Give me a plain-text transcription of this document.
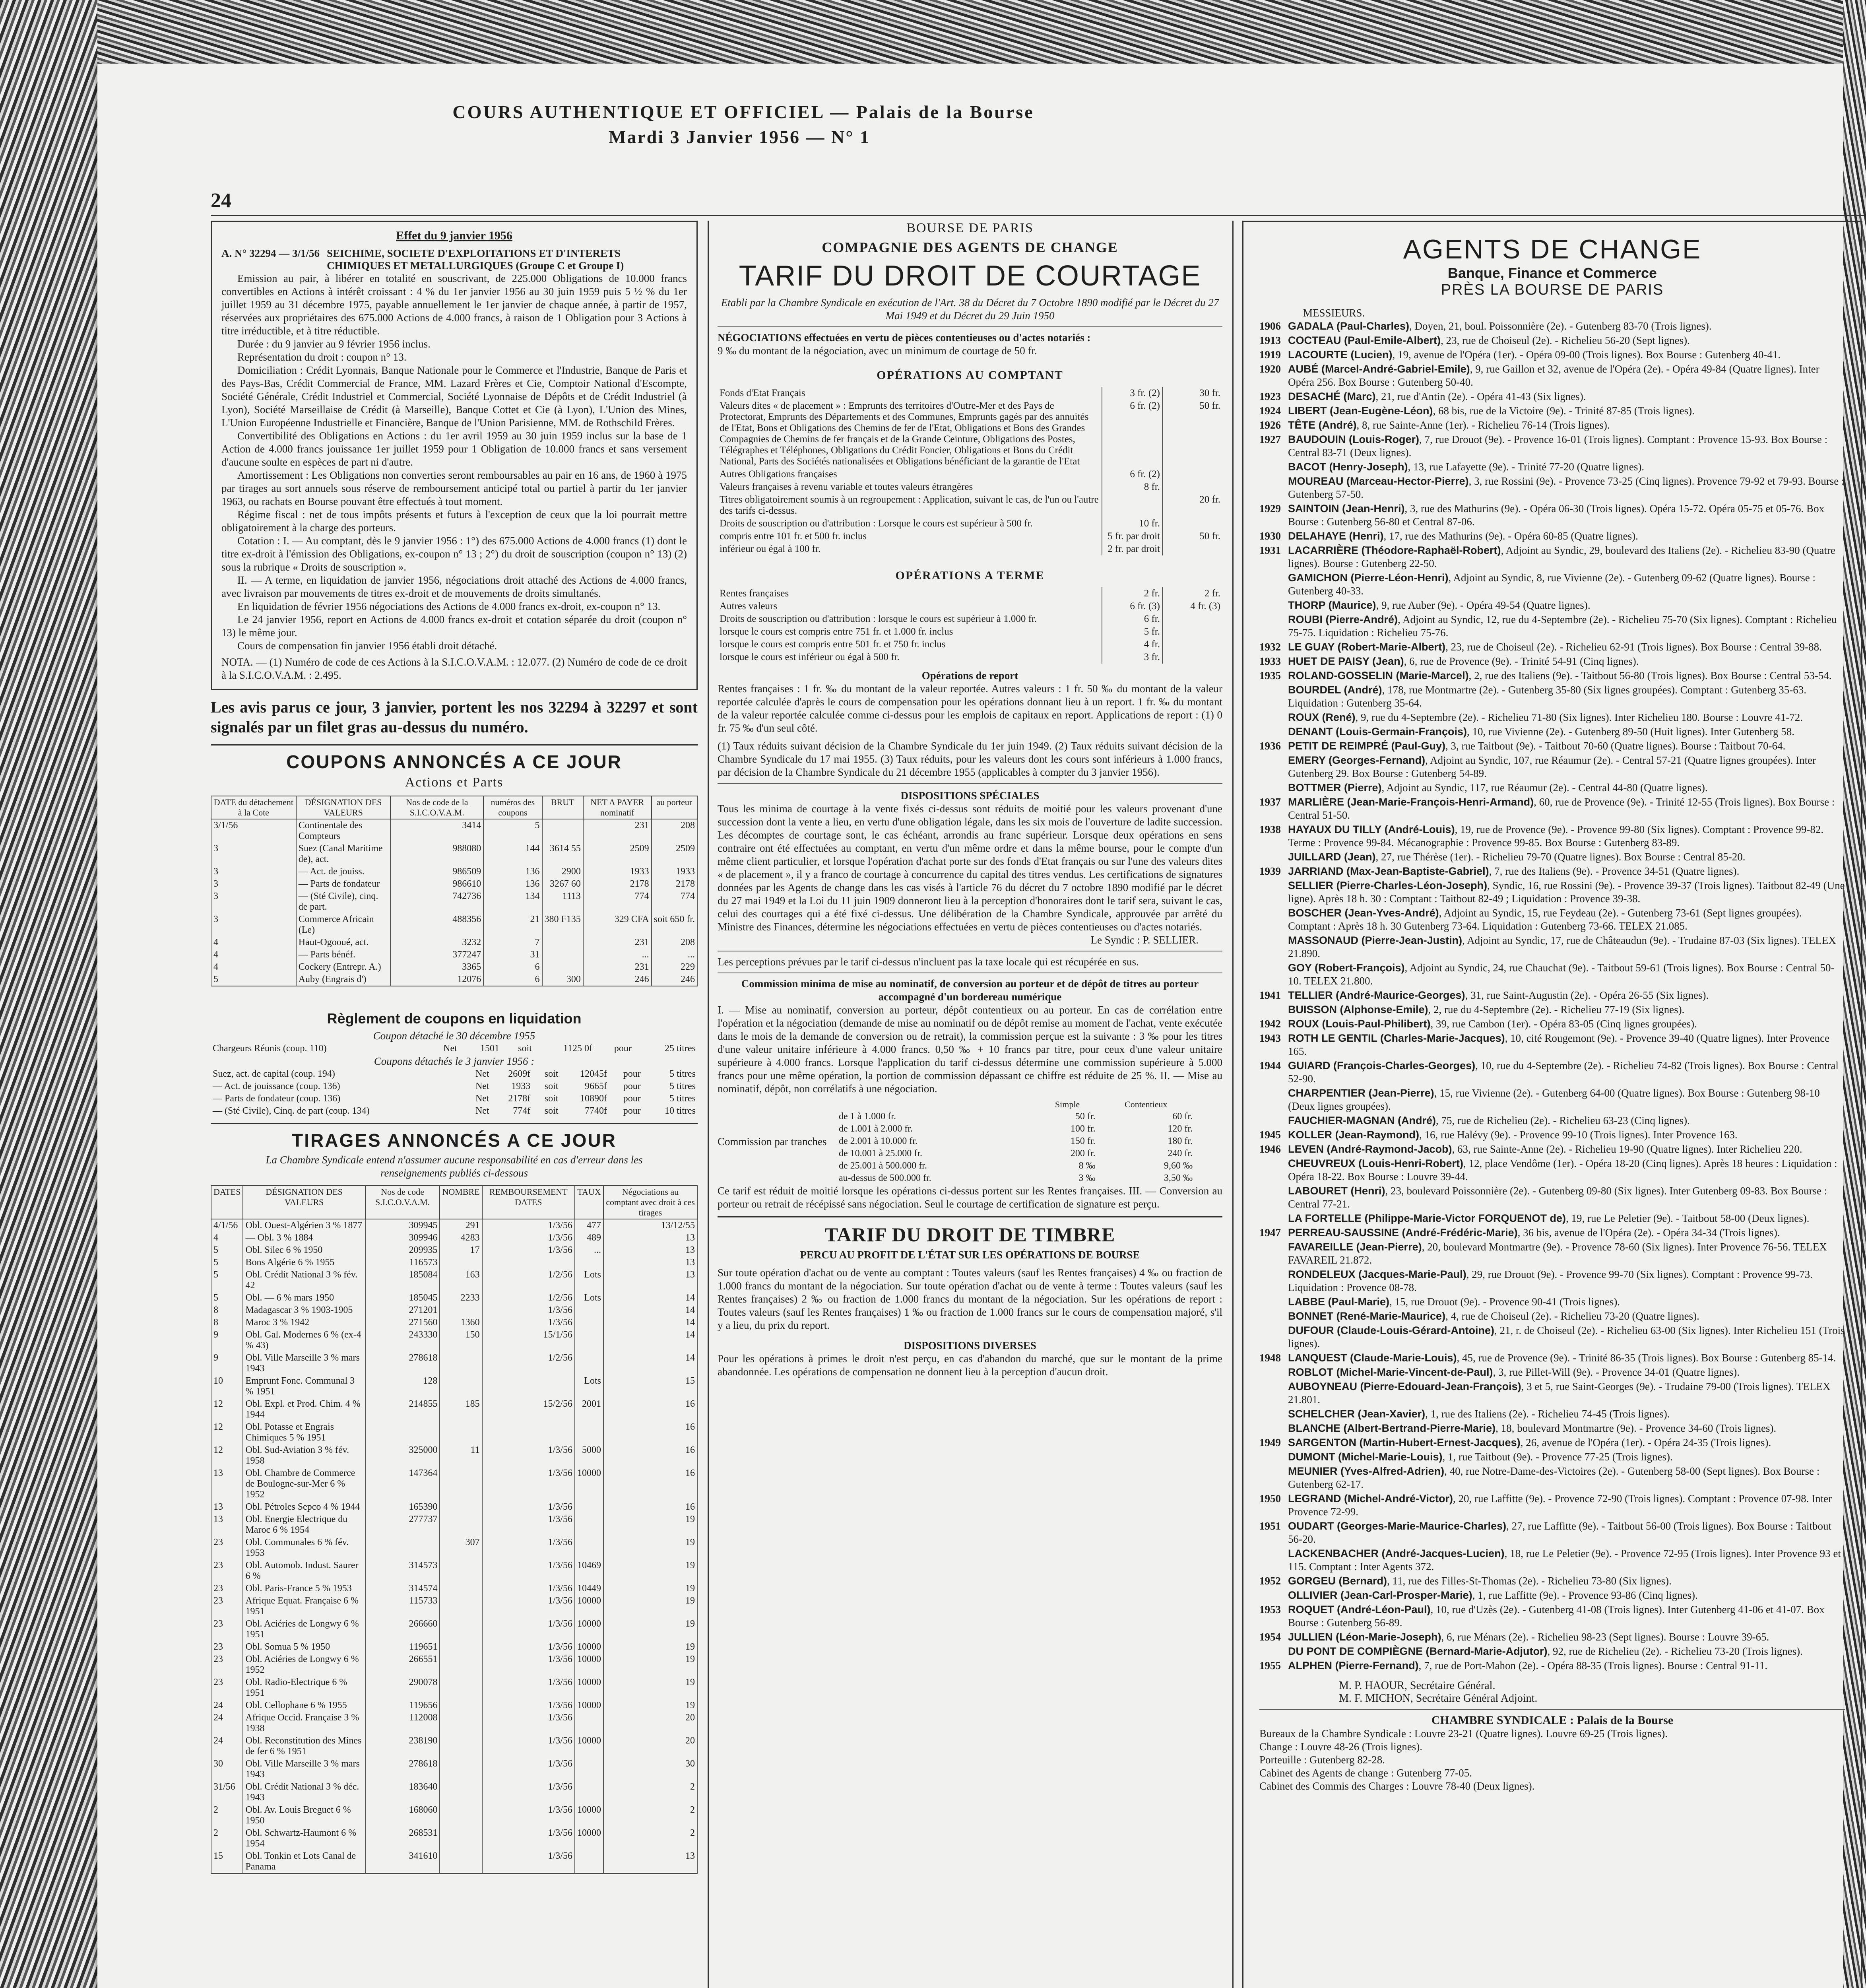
COURS AUTHENTIQUE ET OFFICIEL — Palais de la Bourse
Mardi 3 Janvier 1956 — N° 1
24
Effet du 9 janvier 1956
A. N° 32294 — 3/1/56 SEICHIME, SOCIETE D'EXPLOITATIONS ET D'INTERETS CHIMIQUES ET METALLURGIQUES (Groupe C et Groupe I)
Emission au pair, à libérer en totalité en souscrivant, de 225.000 Obligations de 10.000 francs convertibles en Actions à intérêt croissant : 4 % du 1er janvier 1956 au 30 juin 1959 puis 5 ½ % du 1er juillet 1959 au 31 décembre 1975, payable annuellement le 1er janvier de chaque année, à partir de 1957, réservées aux propriétaires des 675.000 Actions de 4.000 francs, à raison de 1 Obligation pour 3 Actions à titre irréductible, et à titre réductible.
Durée : du 9 janvier au 9 février 1956 inclus.
Représentation du droit : coupon n° 13.
Domiciliation : Crédit Lyonnais, Banque Nationale pour le Commerce et l'Industrie, Banque de Paris et des Pays-Bas, Crédit Commercial de France, MM. Lazard Frères et Cie, Comptoir National d'Escompte, Société Générale, Crédit Industriel et Commercial, Société Lyonnaise de Dépôts et de Crédit Industriel (à Lyon), Société Marseillaise de Crédit (à Marseille), Banque Cottet et Cie (à Lyon), L'Union des Mines, L'Union Européenne Industrielle et Financière, Banque de l'Union Parisienne, MM. de Rothschild Frères.
Convertibilité des Obligations en Actions : du 1er avril 1959 au 30 juin 1959 inclus sur la base de 1 Action de 4.000 francs jouissance 1er juillet 1959 pour 1 Obligation de 10.000 francs et sans versement d'aucune soulte en espèces de part ni d'autre.
Amortissement : Les Obligations non converties seront remboursables au pair en 16 ans, de 1960 à 1975 par tirages au sort annuels sous réserve de remboursement anticipé total ou partiel à partir du 1er janvier 1963, ou rachats en Bourse pouvant être effectués à tout moment.
Régime fiscal : net de tous impôts présents et futurs à l'exception de ceux que la loi pourrait mettre obligatoirement à la charge des porteurs.
Cotation : I. — Au comptant, dès le 9 janvier 1956 : 1°) des 675.000 Actions de 4.000 francs (1) dont le titre ex-droit à l'émission des Obligations, ex-coupon n° 13 ; 2°) du droit de souscription (coupon n° 13) (2) sous la rubrique « Droits de souscription ».
II. — A terme, en liquidation de janvier 1956, négociations droit attaché des Actions de 4.000 francs, avec livraison par mouvements de titres ex-droit et de mouvements de droits simultanés.
En liquidation de février 1956 négociations des Actions de 4.000 francs ex-droit, ex-coupon n° 13.
Le 24 janvier 1956, report en Actions de 4.000 francs ex-droit et cotation séparée du droit (coupon n° 13) le même jour.
Cours de compensation fin janvier 1956 établi droit détaché.
NOTA. — (1) Numéro de code de ces Actions à la S.I.C.O.V.A.M. : 12.077. (2) Numéro de code de ce droit à la S.I.C.O.V.A.M. : 2.495.
Les avis parus ce jour, 3 janvier, portent les nos 32294 à 32297 et sont signalés par un filet gras au-dessus du numéro.
COUPONS ANNONCÉS A CE JOUR
Actions et Parts
DATE du détachement à la Cote	DÉSIGNATION DES VALEURS	Nos de code de la S.I.C.O.V.A.M.	numéros des coupons	BRUT	NET A PAYER nominatif	au porteur
3/1/56	Continentale des Compteurs	3414	5		231	208
3	Suez (Canal Maritime de), act.	988080	144	3614 55	2509	2509
3	— Act. de jouiss.	986509	136	2900	1933	1933
3	— Parts de fondateur	986610	136	3267 60	2178	2178
3	— (Sté Civile), cinq. de part.	742736	134	1113	774	774
3	Commerce Africain (Le)	488356	21	380 F135	329 CFA	soit 650 fr.
4	Haut-Ogooué, act.	3232	7		231	208
4	— Parts bénéf.	377247	31		...	...
4	Cockery (Entrepr. A.)	3365	6		231	229
5	Auby (Engrais d')	12076	6	300	246	246
Règlement de coupons en liquidation
Coupon détaché le 30 décembre 1955
Chargeurs Réunis (coup. 110)	Net	1501	soit	1125 0f	pour	25 titres
Coupons détachés le 3 janvier 1956 :
Suez, act. de capital (coup. 194)	Net	2609f	soit	12045f	pour	5 titres
— Act. de jouissance (coup. 136)	Net	1933	soit	9665f	pour	5 titres
— Parts de fondateur (coup. 136)	Net	2178f	soit	10890f	pour	5 titres
— (Sté Civile), Cinq. de part (coup. 134)	Net	774f	soit	7740f	pour	10 titres
TIRAGES ANNONCÉS A CE JOUR
La Chambre Syndicale entend n'assumer aucune responsabilité en cas d'erreur dans les renseignements publiés ci-dessous
DATES	DÉSIGNATION DES VALEURS	Nos de code S.I.C.O.V.A.M.	NOMBRE	REMBOURSEMENT DATES	TAUX	Négociations au comptant avec droit à ces tirages
4/1/56	Obl. Ouest-Algérien 3 % 1877	309945	291	1/3/56	477	13/12/55
4	— Obl. 3 % 1884	309946	4283	1/3/56	489	13
5	Obl. Silec 6 % 1950	209935	17	1/3/56	...	13
5	Bons Algérie 6 % 1955	116573				13
5	Obl. Crédit National 3 % fév. 42	185084	163	1/2/56	Lots	13
5	Obl. — 6 % mars 1950	185045	2233	1/2/56	Lots	14
8	Madagascar 3 % 1903-1905	271201		1/3/56		14
8	Maroc 3 % 1942	271560	1360	1/3/56		14
9	Obl. Gal. Modernes 6 % (ex-4 % 43)	243330	150	15/1/56		14
9	Obl. Ville Marseille 3 % mars 1943	278618		1/2/56		14
10	Emprunt Fonc. Communal 3 % 1951	128			Lots	15
12	Obl. Expl. et Prod. Chim. 4 % 1944	214855	185	15/2/56	2001	16
12	Obl. Potasse et Engrais Chimiques 5 % 1951					16
12	Obl. Sud-Aviation 3 % fév. 1958	325000	11	1/3/56	5000	16
13	Obl. Chambre de Commerce de Boulogne-sur-Mer 6 % 1952	147364		1/3/56	10000	16
13	Obl. Pétroles Sepco 4 % 1944	165390		1/3/56		16
13	Obl. Energie Electrique du Maroc 6 % 1954	277737		1/3/56		19
23	Obl. Communales 6 % fév. 1953		307	1/3/56		19
23	Obl. Automob. Indust. Saurer 6 %	314573		1/3/56	10469	19
23	Obl. Paris-France 5 % 1953	314574		1/3/56	10449	19
23	Afrique Equat. Française 6 % 1951	115733		1/3/56	10000	19
23	Obl. Aciéries de Longwy 6 % 1951	266660		1/3/56	10000	19
23	Obl. Somua 5 % 1950	119651		1/3/56	10000	19
23	Obl. Aciéries de Longwy 6 % 1952	266551		1/3/56	10000	19
23	Obl. Radio-Electrique 6 % 1951	290078		1/3/56	10000	19
24	Obl. Cellophane 6 % 1955	119656		1/3/56	10000	19
24	Afrique Occid. Française 3 % 1938	112008		1/3/56		20
24	Obl. Reconstitution des Mines de fer 6 % 1951	238190		1/3/56	10000	20
30	Obl. Ville Marseille 3 % mars 1943	278618		1/3/56		30
31/56	Obl. Crédit National 3 % déc. 1943	183640		1/3/56		2
2	Obl. Av. Louis Breguet 6 % 1950	168060		1/3/56	10000	2
2	Obl. Schwartz-Haumont 6 % 1954	268531		1/3/56	10000	2
15	Obl. Tonkin et Lots Canal de Panama	341610		1/3/56		13
BOURSE DE PARIS
COMPAGNIE DES AGENTS DE CHANGE
TARIF DU DROIT DE COURTAGE
Etabli par la Chambre Syndicale en exécution de l'Art. 38 du Décret du 7 Octobre 1890 modifié par le Décret du 27 Mai 1949 et du Décret du 29 Juin 1950
NÉGOCIATIONS effectuées en vertu de pièces contentieuses ou d'actes notariés :
9 ‰ du montant de la négociation, avec un minimum de courtage de 50 fr.
OPÉRATIONS AU COMPTANT
Fonds d'Etat Français	3 fr. (2)	30 fr.
Valeurs dites « de placement » : Emprunts des territoires d'Outre-Mer et des Pays de Protectorat, Emprunts des Départements et des Communes, Emprunts gagés par des annuités de l'Etat, Bons et Obligations des Chemins de fer de l'Etat, Obligations et Bons des Grandes Compagnies de Chemins de fer français et de la Grande Ceinture, Obligations des Postes, Télégraphes et Téléphones, Obligations du Crédit Foncier, Obligations et Bons du Crédit National, Parts des Sociétés nationalisées et Obligations bénéficiant de la garantie de l'Etat	6 fr. (2)	50 fr.
Autres Obligations françaises	6 fr. (2)	
Valeurs françaises à revenu variable et toutes valeurs étrangères	8 fr.	
Titres obligatoirement soumis à un regroupement : Application, suivant le cas, de l'un ou l'autre des tarifs ci-dessus.		20 fr.
Droits de souscription ou d'attribution : Lorsque le cours est supérieur à 500 fr.	10 fr.	
compris entre 101 fr. et 500 fr. inclus	5 fr. par droit	50 fr.
inférieur ou égal à 100 fr.	2 fr. par droit	
OPÉRATIONS A TERME
Rentes françaises	2 fr.	2 fr.
Autres valeurs	6 fr. (3)	4 fr. (3)
Droits de souscription ou d'attribution : lorsque le cours est supérieur à 1.000 fr.	6 fr.	
lorsque le cours est compris entre 751 fr. et 1.000 fr. inclus	5 fr.	
lorsque le cours est compris entre 501 fr. et 750 fr. inclus	4 fr.	
lorsque le cours est inférieur ou égal à 500 fr.	3 fr.	
Opérations de report
Rentes françaises : 1 fr. ‰ du montant de la valeur reportée. Autres valeurs : 1 fr. 50 ‰ du montant de la valeur reportée calculée d'après le cours de compensation pour les opérations donnant lieu à un report. 1 fr. ‰ du montant de la valeur reportée calculée comme ci-dessus pour les emplois de capitaux en report. Applications de report : (1) 0 fr. 75 ‰ d'un seul côté.
(1) Taux réduits suivant décision de la Chambre Syndicale du 1er juin 1949. (2) Taux réduits suivant décision de la Chambre Syndicale du 17 mai 1955. (3) Taux réduits, pour les valeurs dont les cours sont inférieurs à 1.000 francs, par décision de la Chambre Syndicale du 21 décembre 1955 (applicables à compter du 3 janvier 1956).
DISPOSITIONS SPÉCIALES
Tous les minima de courtage à la vente fixés ci-dessus sont réduits de moitié pour les valeurs provenant d'une succession dont la vente a lieu, en vertu d'une obligation légale, dans les six mois de l'ouverture de ladite succession. Les décomptes de courtage sont, le cas échéant, arrondis au franc supérieur. Lorsque deux opérations en sens contraire ont été effectuées au comptant, en vertu d'un même ordre et dans la même bourse, pour le compte d'un même client particulier, et lorsque l'opération d'achat porte sur des fonds d'Etat français ou sur l'une des valeurs dites « de placement », il y a franco de courtage à concurrence du capital des titres vendus. Les certifications de signatures données par les Agents de change dans les cas visés à l'article 76 du décret du 7 octobre 1890 modifié par le décret du 27 mai 1949 et la Loi du 11 juin 1909 donneront lieu à la perception d'honoraires dont le tarif sera, suivant le cas, celui des courtages qui a été fixé ci-dessus. Une délibération de la Chambre Syndicale, approuvée par arrêté du Ministre des Finances, détermine les négociations effectuées en vertu de pièces contentieuses ou d'actes notariés.
Le Syndic : P. SELLIER.
Les perceptions prévues par le tarif ci-dessus n'incluent pas la taxe locale qui est récupérée en sus.
Commission minima de mise au nominatif, de conversion au porteur et de dépôt de titres au porteur accompagné d'un bordereau numérique
I. — Mise au nominatif, conversion au porteur, dépôt contentieux ou au porteur. En cas de corrélation entre l'opération et la négociation (demande de mise au nominatif ou de dépôt remise au moment de l'achat, vente exécutée dans le mois de la demande de conversion ou de retrait), la commission perçue est la suivante : 3 ‰ pour les titres d'une valeur unitaire inférieure à 4.000 francs. 0,50 ‰ + 10 francs par titre, pour ceux d'une valeur unitaire supérieure à 4.000 francs. Lorsque l'application du tarif ci-dessus détermine une commission supérieure à 5.000 francs pour une même opération, la portion de commission dépassant ce chiffre est réduite de 25 %. II. — Mise au nominatif, dépôt, non corrélatifs à une négociation.
Commission par tranches
	Simple	Contentieux
de 1 à 1.000 fr.	50 fr.	60 fr.
de 1.001 à 2.000 fr.	100 fr.	120 fr.
de 2.001 à 10.000 fr.	150 fr.	180 fr.
de 10.001 à 25.000 fr.	200 fr.	240 fr.
de 25.001 à 500.000 fr.	8 ‰	9,60 ‰
au-dessus de 500.000 fr.	3 ‰	3,50 ‰
Ce tarif est réduit de moitié lorsque les opérations ci-dessus portent sur les Rentes françaises. III. — Conversion au porteur ou retrait de récépissé sans négociation. Seul le courtage de certification de signature est perçu.
TARIF DU DROIT DE TIMBRE
PERCU AU PROFIT DE L'ÉTAT SUR LES OPÉRATIONS DE BOURSE
Sur toute opération d'achat ou de vente au comptant : Toutes valeurs (sauf les Rentes françaises) 4 ‰ ou fraction de 1.000 francs du montant de la négociation. Sur toute opération d'achat ou de vente à terme : Toutes valeurs (sauf les Rentes françaises) 2 ‰ ou fraction de 1.000 francs du montant de la négociation. Sur les opérations de report : Toutes valeurs (sauf les Rentes françaises) 1 ‰ ou fraction de 1.000 francs sur le cours de compensation majoré, s'il y a lieu, du prix du report.
DISPOSITIONS DIVERSES
Pour les opérations à primes le droit n'est perçu, en cas d'abandon du marché, que sur le montant de la prime abandonnée. Les opérations de compensation ne donnent lieu à la perception d'aucun droit.
AGENTS DE CHANGE
Banque, Finance et Commerce
PRÈS LA BOURSE DE PARIS
MESSIEURS.
1906 GADALA (Paul-Charles), Doyen, 21, boul. Poissonnière (2e). - Gutenberg 83-70 (Trois lignes).
1913 COCTEAU (Paul-Emile-Albert), 23, rue de Choiseul (2e). - Richelieu 56-20 (Sept lignes).
1919 LACOURTE (Lucien), 19, avenue de l'Opéra (1er). - Opéra 09-00 (Trois lignes). Box Bourse : Gutenberg 40-41.
1920 AUBÉ (Marcel-André-Gabriel-Emile), 9, rue Gaillon et 32, avenue de l'Opéra (2e). - Opéra 49-84 (Quatre lignes). Inter Opéra 256. Box Bourse : Gutenberg 50-40.
1923 DESACHÉ (Marc), 21, rue d'Antin (2e). - Opéra 41-43 (Six lignes).
1924 LIBERT (Jean-Eugène-Léon), 68 bis, rue de la Victoire (9e). - Trinité 87-85 (Trois lignes).
1926 TÊTE (André), 8, rue Sainte-Anne (1er). - Richelieu 76-14 (Trois lignes).
1927 BAUDOUIN (Louis-Roger), 7, rue Drouot (9e). - Provence 16-01 (Trois lignes). Comptant : Provence 15-93. Box Bourse : Central 83-71 (Deux lignes).
BACOT (Henry-Joseph), 13, rue Lafayette (9e). - Trinité 77-20 (Quatre lignes).
MOUREAU (Marceau-Hector-Pierre), 3, rue Rossini (9e). - Provence 73-25 (Cinq lignes). Provence 79-92 et 79-93. Bourse : Gutenberg 57-50.
1929 SAINTOIN (Jean-Henri), 3, rue des Mathurins (9e). - Opéra 06-30 (Trois lignes). Opéra 15-72. Opéra 05-75 et 05-76. Box Bourse : Gutenberg 56-80 et Central 87-06.
1930 DELAHAYE (Henri), 17, rue des Mathurins (9e). - Opéra 60-85 (Quatre lignes).
1931 LACARRIÈRE (Théodore-Raphaël-Robert), Adjoint au Syndic, 29, boulevard des Italiens (2e). - Richelieu 83-90 (Quatre lignes). Bourse : Gutenberg 22-50.
GAMICHON (Pierre-Léon-Henri), Adjoint au Syndic, 8, rue Vivienne (2e). - Gutenberg 09-62 (Quatre lignes). Bourse : Gutenberg 40-33.
THORP (Maurice), 9, rue Auber (9e). - Opéra 49-54 (Quatre lignes).
ROUBI (Pierre-André), Adjoint au Syndic, 12, rue du 4-Septembre (2e). - Richelieu 75-70 (Six lignes). Comptant : Richelieu 75-75. Liquidation : Richelieu 75-76.
1932 LE GUAY (Robert-Marie-Albert), 23, rue de Choiseul (2e). - Richelieu 62-91 (Trois lignes). Box Bourse : Central 39-88.
1933 HUET DE PAISY (Jean), 6, rue de Provence (9e). - Trinité 54-91 (Cinq lignes).
1935 ROLAND-GOSSELIN (Marie-Marcel), 2, rue des Italiens (9e). - Taitbout 56-80 (Trois lignes). Box Bourse : Central 53-54.
BOURDEL (André), 178, rue Montmartre (2e). - Gutenberg 35-80 (Six lignes groupées). Comptant : Gutenberg 35-63. Liquidation : Gutenberg 35-64.
ROUX (René), 9, rue du 4-Septembre (2e). - Richelieu 71-80 (Six lignes). Inter Richelieu 180. Bourse : Louvre 41-72.
DENANT (Louis-Germain-François), 10, rue Vivienne (2e). - Gutenberg 89-50 (Huit lignes). Inter Gutenberg 58.
1936 PETIT DE REIMPRÉ (Paul-Guy), 3, rue Taitbout (9e). - Taitbout 70-60 (Quatre lignes). Bourse : Taitbout 70-64.
EMERY (Georges-Fernand), Adjoint au Syndic, 107, rue Réaumur (2e). - Central 57-21 (Quatre lignes groupées). Inter Gutenberg 29. Box Bourse : Gutenberg 54-89.
BOTTMER (Pierre), Adjoint au Syndic, 117, rue Réaumur (2e). - Central 44-80 (Quatre lignes).
1937 MARLIÈRE (Jean-Marie-François-Henri-Armand), 60, rue de Provence (9e). - Trinité 12-55 (Trois lignes). Box Bourse : Central 51-50.
1938 HAYAUX DU TILLY (André-Louis), 19, rue de Provence (9e). - Provence 99-80 (Six lignes). Comptant : Provence 99-82. Terme : Provence 99-84. Mécanographie : Provence 99-85. Box Bourse : Gutenberg 83-89.
JUILLARD (Jean), 27, rue Thérèse (1er). - Richelieu 79-70 (Quatre lignes). Box Bourse : Central 85-20.
1939 JARRIAND (Max-Jean-Baptiste-Gabriel), 7, rue des Italiens (9e). - Provence 34-51 (Quatre lignes).
SELLIER (Pierre-Charles-Léon-Joseph), Syndic, 16, rue Rossini (9e). - Provence 39-37 (Trois lignes). Taitbout 82-49 (Une ligne). Après 18 h. 30 : Comptant : Taitbout 82-49 ; Liquidation : Provence 39-38.
BOSCHER (Jean-Yves-André), Adjoint au Syndic, 15, rue Feydeau (2e). - Gutenberg 73-61 (Sept lignes groupées). Comptant : Après 18 h. 30 Gutenberg 73-64. Liquidation : Gutenberg 73-66. TELEX 21.085.
MASSONAUD (Pierre-Jean-Justin), Adjoint au Syndic, 17, rue de Châteaudun (9e). - Trudaine 87-03 (Six lignes). TELEX 21.890.
GOY (Robert-François), Adjoint au Syndic, 24, rue Chauchat (9e). - Taitbout 59-61 (Trois lignes). Box Bourse : Central 50-10. TELEX 21.800.
1941 TELLIER (André-Maurice-Georges), 31, rue Saint-Augustin (2e). - Opéra 26-55 (Six lignes).
BUISSON (Alphonse-Emile), 2, rue du 4-Septembre (2e). - Richelieu 77-19 (Six lignes).
1942 ROUX (Louis-Paul-Philibert), 39, rue Cambon (1er). - Opéra 83-05 (Cinq lignes groupées).
1943 ROTH LE GENTIL (Charles-Marie-Jacques), 10, cité Rougemont (9e). - Provence 39-40 (Quatre lignes). Inter Provence 165.
1944 GUIARD (François-Charles-Georges), 10, rue du 4-Septembre (2e). - Richelieu 74-82 (Trois lignes). Box Bourse : Central 52-90.
CHARPENTIER (Jean-Pierre), 15, rue Vivienne (2e). - Gutenberg 64-00 (Quatre lignes). Box Bourse : Gutenberg 98-10 (Deux lignes groupées).
FAUCHIER-MAGNAN (André), 75, rue de Richelieu (2e). - Richelieu 63-23 (Cinq lignes).
1945 KOLLER (Jean-Raymond), 16, rue Halévy (9e). - Provence 99-10 (Trois lignes). Inter Provence 163.
1946 LEVEN (André-Raymond-Jacob), 63, rue Sainte-Anne (2e). - Richelieu 19-90 (Quatre lignes). Inter Richelieu 220.
CHEUVREUX (Louis-Henri-Robert), 12, place Vendôme (1er). - Opéra 18-20 (Cinq lignes). Après 18 heures : Liquidation : Opéra 18-22. Box Bourse : Louvre 39-44.
LABOURET (Henri), 23, boulevard Poissonnière (2e). - Gutenberg 09-80 (Six lignes). Inter Gutenberg 09-83. Box Bourse : Central 77-21.
LA FORTELLE (Philippe-Marie-Victor FORQUENOT de), 19, rue Le Peletier (9e). - Taitbout 58-00 (Deux lignes).
1947 PERREAU-SAUSSINE (André-Frédéric-Marie), 36 bis, avenue de l'Opéra (2e). - Opéra 34-34 (Trois lignes).
FAVAREILLE (Jean-Pierre), 20, boulevard Montmartre (9e). - Provence 78-60 (Six lignes). Inter Provence 76-56. TELEX FAVAREIL 21.872.
RONDELEUX (Jacques-Marie-Paul), 29, rue Drouot (9e). - Provence 99-70 (Six lignes). Comptant : Provence 99-73. Liquidation : Provence 08-78.
LABBE (Paul-Marie), 15, rue Drouot (9e). - Provence 90-41 (Trois lignes).
BONNET (René-Marie-Maurice), 4, rue de Choiseul (2e). - Richelieu 73-20 (Quatre lignes).
DUFOUR (Claude-Louis-Gérard-Antoine), 21, r. de Choiseul (2e). - Richelieu 63-00 (Six lignes). Inter Richelieu 151 (Trois lignes).
1948 LANQUEST (Claude-Marie-Louis), 45, rue de Provence (9e). - Trinité 86-35 (Trois lignes). Box Bourse : Gutenberg 85-14.
ROBLOT (Michel-Marie-Vincent-de-Paul), 3, rue Pillet-Will (9e). - Provence 34-01 (Quatre lignes).
AUBOYNEAU (Pierre-Edouard-Jean-François), 3 et 5, rue Saint-Georges (9e). - Trudaine 79-00 (Trois lignes). TELEX 21.801.
SCHELCHER (Jean-Xavier), 1, rue des Italiens (2e). - Richelieu 74-45 (Trois lignes).
BLANCHE (Albert-Bertrand-Pierre-Marie), 18, boulevard Montmartre (9e). - Provence 34-60 (Trois lignes).
1949 SARGENTON (Martin-Hubert-Ernest-Jacques), 26, avenue de l'Opéra (1er). - Opéra 24-35 (Trois lignes).
DUMONT (Michel-Marie-Louis), 1, rue Taitbout (9e). - Provence 77-25 (Trois lignes).
MEUNIER (Yves-Alfred-Adrien), 40, rue Notre-Dame-des-Victoires (2e). - Gutenberg 58-00 (Sept lignes). Box Bourse : Gutenberg 62-17.
1950 LEGRAND (Michel-André-Victor), 20, rue Laffitte (9e). - Provence 72-90 (Trois lignes). Comptant : Provence 07-98. Inter Provence 72-99.
1951 OUDART (Georges-Marie-Maurice-Charles), 27, rue Laffitte (9e). - Taitbout 56-00 (Trois lignes). Box Bourse : Taitbout 56-20.
LACKENBACHER (André-Jacques-Lucien), 18, rue Le Peletier (9e). - Provence 72-95 (Trois lignes). Inter Provence 93 et 115. Comptant : Inter Agents 372.
1952 GORGEU (Bernard), 11, rue des Filles-St-Thomas (2e). - Richelieu 73-80 (Six lignes).
OLLIVIER (Jean-Carl-Prosper-Marie), 1, rue Laffitte (9e). - Provence 93-86 (Cinq lignes).
1953 ROQUET (André-Léon-Paul), 10, rue d'Uzès (2e). - Gutenberg 41-08 (Trois lignes). Inter Gutenberg 41-06 et 41-07. Box Bourse : Gutenberg 56-89.
1954 JULLIEN (Léon-Marie-Joseph), 6, rue Ménars (2e). - Richelieu 98-23 (Sept lignes). Bourse : Louvre 39-65.
DU PONT DE COMPIÈGNE (Bernard-Marie-Adjutor), 92, rue de Richelieu (2e). - Richelieu 73-20 (Trois lignes).
1955 ALPHEN (Pierre-Fernand), 7, rue de Port-Mahon (2e). - Opéra 88-35 (Trois lignes). Bourse : Central 91-11.
M. P. HAOUR, Secrétaire Général.
M. F. MICHON, Secrétaire Général Adjoint.
CHAMBRE SYNDICALE : Palais de la Bourse
Bureaux de la Chambre Syndicale : Louvre 23-21 (Quatre lignes). Louvre 69-25 (Trois lignes).
Change : Louvre 48-26 (Trois lignes).
Porteuille : Gutenberg 82-28.
Cabinet des Agents de change : Gutenberg 77-05.
Cabinet des Commis des Charges : Louvre 78-40 (Deux lignes).
